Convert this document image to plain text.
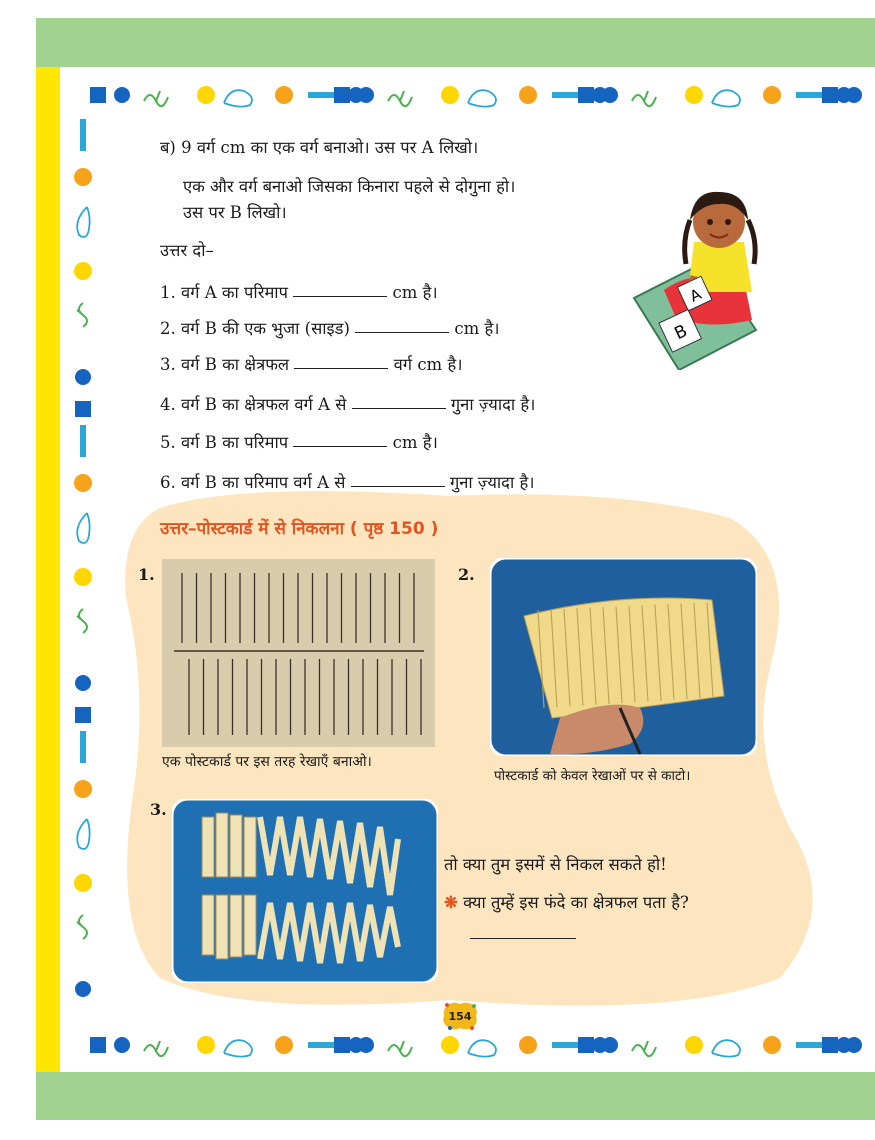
ब) 9 वर्ग cm का एक वर्ग बनाओ। उस पर A लिखो।
एक और वर्ग बनाओ जिसका किनारा पहले से दोगुना हो।
उस पर B लिखो।
उत्तर दो–
1. वर्ग A का परिमाप	cm है।
2. वर्ग B की एक भुजा (साइड)	cm है।
3. वर्ग B का क्षेत्रफल	वर्ग cm है।
4. वर्ग B का क्षेत्रफल वर्ग A से	गुना ज़्यादा है।
5. वर्ग B का परिमाप	cm है।
6. वर्ग B का परिमाप वर्ग A से	गुना ज़्यादा है।
A
B
उत्तर–पोस्टकार्ड में से निकलना ( पृष्ठ 150 )
1.
एक पोस्टकार्ड पर इस तरह रेखाएँ बनाओ।
2.
पोस्टकार्ड को केवल रेखाओं पर से काटो।
3.
तो क्या तुम इसमें से निकल सकते हो!
❋ क्या तुम्हें इस फंदे का क्षेत्रफल पता है?
154
